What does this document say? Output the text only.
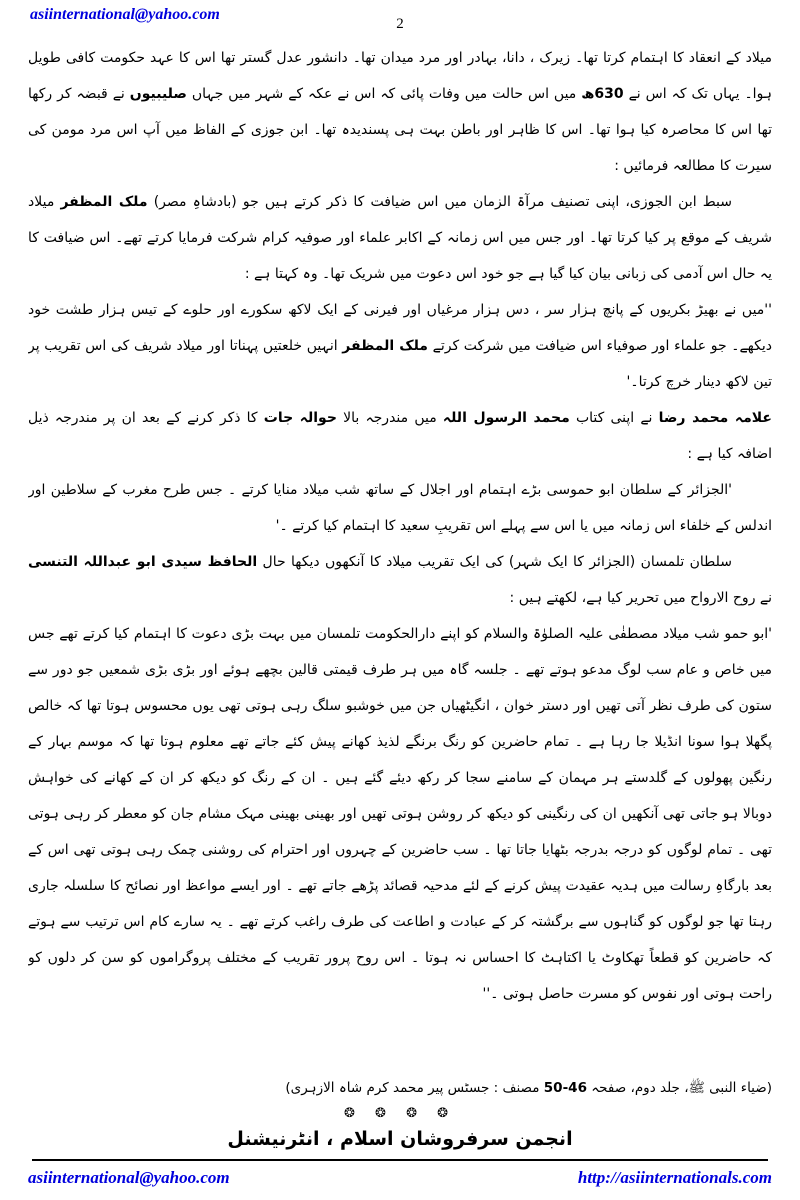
asiinternational@yahoo.com
2

میلاد کے انعقاد کا اہتمام کرتا تھا۔ زیرک ، دانا، بہادر اور مرد میدان تھا۔ دانشور عدل گستر تھا اس کا عہد حکومت کافی طویل ہوا۔ یہاں تک کہ اس نے 630ھ میں اس حالت میں وفات پائی کہ اس نے عکہ کے شہر میں جہاں صلیبیوں نے قبضہ کر رکھا تھا اس کا محاصرہ کیا ہوا تھا۔ اس کا ظاہر اور باطن بہت ہی پسندیدہ تھا۔ ابن جوزی کے الفاظ میں آپ اس مرد مومن کی سیرت کا مطالعہ فرمائیں :

سبط ابن الجوزی، اپنی تصنیف مرآۃ الزمان میں اس ضیافت کا ذکر کرتے ہیں جو (بادشاہِ مصر) ملک المظفر میلاد شریف کے موقع پر کیا کرتا تھا۔ اور جس میں اس زمانہ کے اکابر علماء اور صوفیہ کرام شرکت فرمایا کرتے تھے۔ اس ضیافت کا یہ حال اس آدمی کی زبانی بیان کیا گیا ہے جو خود اس دعوت میں شریک تھا۔ وہ کہتا ہے :

''میں نے بھیڑ بکریوں کے پانچ ہزار سر ، دس ہزار مرغیاں اور فیرنی کے ایک لاکھ سکورے اور حلوے کے تیس ہزار طشت خود دیکھے۔ جو علماء اور صوفیاء اس ضیافت میں شرکت کرتے ملک المظفر انہیں خلعتیں پہناتا اور میلاد شریف کی اس تقریب پر تین لاکھ دینار خرچ کرتا۔'

علامہ محمد رضا نے اپنی کتاب محمد الرسول اللہ میں مندرجہ بالا حوالہ جات کا ذکر کرنے کے بعد ان پر مندرجہ ذیل اضافہ کیا ہے :

'الجزائر کے سلطان ابو حموسی بڑے اہتمام اور اجلال کے ساتھ شب میلاد منایا کرتے ۔ جس طرح مغرب کے سلاطین اور اندلس کے خلفاء اس زمانہ میں یا اس سے پہلے اس تقریبِ سعید کا اہتمام کیا کرتے ۔'

سلطان تلمسان (الجزائر کا ایک شہر) کی ایک تقریب میلاد کا آنکھوں دیکھا حال الحافظ سیدی ابو عبداللہ التنسی نے روح الارواح میں تحریر کیا ہے، لکھتے ہیں :

'ابو حمو شب میلاد مصطفٰی علیہ الصلوٰۃ والسلام کو اپنے دارالحکومت تلمسان میں بہت بڑی دعوت کا اہتمام کیا کرتے تھے جس میں خاص و عام سب لوگ مدعو ہوتے تھے ۔ جلسہ گاہ میں ہر طرف قیمتی قالین بچھے ہوئے اور بڑی بڑی شمعیں جو دور سے ستون کی طرف نظر آتی تھیں اور دستر خوان ، انگیٹھیاں جن میں خوشبو سلگ رہی ہوتی تھی یوں محسوس ہوتا تھا کہ خالص پگھلا ہوا سونا انڈیلا جا رہا ہے ۔ تمام حاضرین کو رنگ برنگے لذیذ کھانے پیش کئے جاتے تھے معلوم ہوتا تھا کہ موسم بہار کے رنگین پھولوں کے گلدستے ہر مہمان کے سامنے سجا کر رکھ دیئے گئے ہیں ۔ ان کے رنگ کو دیکھ کر ان کے کھانے کی خواہش دوبالا ہو جاتی تھی آنکھیں ان کی رنگینی کو دیکھ کر روشن ہوتی تھیں اور بھینی بھینی مہک مشام جان کو معطر کر رہی ہوتی تھی ۔ تمام لوگوں کو درجہ بدرجہ بٹھایا جاتا تھا ۔ سب حاضرین کے چہروں اور احترام کی روشنی چمک رہی ہوتی تھی اس کے بعد بارگاہِ رسالت میں ہدیہ عقیدت پیش کرنے کے لئے مدحیہ قصائد پڑھے جاتے تھے ۔ اور ایسے مواعظ اور نصائح کا سلسلہ جاری رہتا تھا جو لوگوں کو گناہوں سے برگشتہ کر کے عبادت و اطاعت کی طرف راغب کرتے تھے ۔ یہ سارے کام اس ترتیب سے ہوتے کہ حاضرین کو قطعاً تھکاوٹ یا اکتاہٹ کا احساس نہ ہوتا ۔ اس روح پرور تقریب کے مختلف پروگراموں کو سن کر دلوں کو راحت ہوتی اور نفوس کو مسرت حاصل ہوتی ۔''

(ضیاء النبی ﷺ، جلد دوم، صفحہ 46-50 مصنف : جسٹس پیر محمد کرم شاہ الازہری)

❂ ❂ ❂ ❂
انجمن سرفروشان اسلام ، انٹرنیشنل
asiinternational@yahoo.com	http://asiinternationals.com
